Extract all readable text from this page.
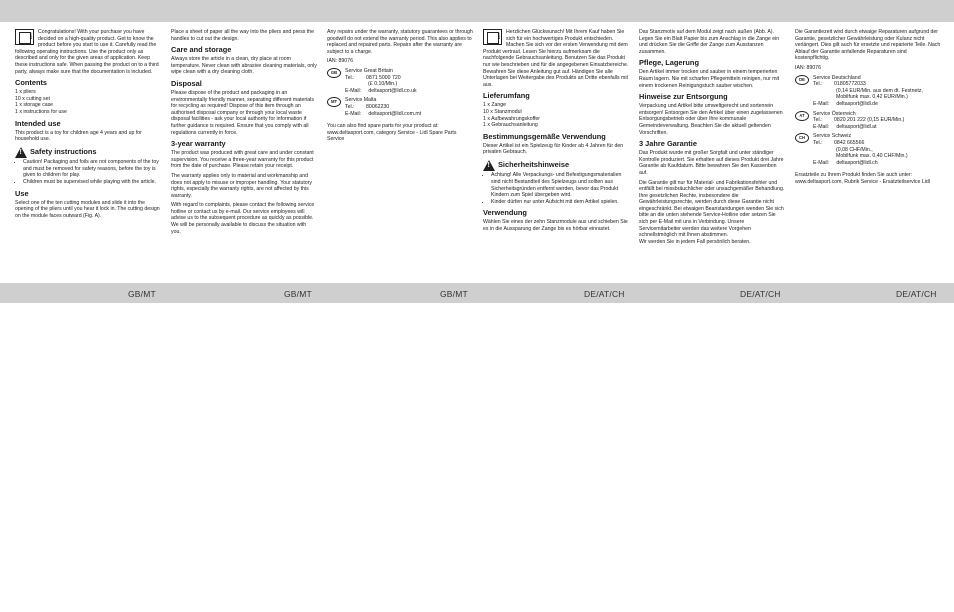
i	Congratulations! With your purchase you have decided on a high-quality product. Get to know the product before you start to use it. Carefully read the following operating instructions. Use the product only as described and only for the given areas of application. Keep these instructions safe. When passing the product on to a third party, always make sure that the documentation is included.

Contents
1 x pliers
10 x cutting set
1 x storage case
1 x instructions for use
Intended use

This product is a toy for children age 4 years and up for household use.

!
Safety instructions
• Caution! Packaging and foils are not components of the toy and must be removed for safety reasons, before the toy is given to children for play.
• Children must be supervised while playing with the article.
Use

Select one of the ten cutting modules and slide it into the opening of the pliers until you hear it lock in. The cutting design on the module faces outward (Fig. A).

Place a sheet of paper all the way into the pliers and press the handles to cut out the design.

Care and storage

Always store the article in a clean, dry place at room temperature. Never clean with abrasive cleaning materials, only wipe clean with a dry cleaning cloth.

Disposal

Please dispose of the product and packaging in an environmentally friendly manner, separating different materials for recycling as required! Dispose of this item through an authorised disposal company or through your local waste disposal facilities - ask your local authority for information if further guidance is required. Ensure that you comply with all regulations currently in force.

3-year warranty

The product was produced with great care and under constant supervision. You receive a three-year warranty for this product from the date of purchase. Please retain your receipt.

The warranty applies only to material and workmanship and does not apply to misuse or improper handling. Your statutory rights, especially the warranty rights, are not affected by this warranty.

With regard to complaints, please contact the following service hotline or contact us by e-mail. Our service employees will advise us to the subsequent procedure as quickly as possible. We will be personally available to discuss the situation with you.

Any repairs under the warranty, statutory guarantees or through goodwill do not extend the warranty period. This also applies to replaced and repaired parts. Repairs after the warranty are subject to a charge.

IAN: 89076

GB	Service Great Britain
Tel.:        0871 5000 720
(£ 0.10/Min.)
E-Mail:     deltasport@lidl.co.uk
MT	Service Malta
Tel.:        80062230
E-Mail:     deltasport@lidl.com.mt

You can also find spare parts for your product at: www.deltasport.com, category Service - Lidl Spare Parts Service

i	Herzlichen Glückwunsch! Mit Ihrem Kauf haben Sie sich für ein hochwertiges Produkt entschieden. Machen Sie sich vor der ersten Verwendung mit dem Produkt vertraut. Lesen Sie hierzu aufmerksam die nachfolgende Gebrauchsanleitung. Benutzen Sie das Produkt nur wie beschrieben und für die angegebenen Einsatzbereiche. Bewahren Sie diese Anleitung gut auf. Händigen Sie alle Unterlagen bei Weitergabe des Produkts an Dritte ebenfalls mit aus.

Lieferumfang
1 x Zange
10 x Stanzmodul
1 x Aufbewahrungskoffer
1 x Gebrauchsanleitung
Bestimmungsgemäße Verwendung

Dieser Artikel ist ein Spielzeug für Kinder ab 4 Jahren für den privaten Gebrauch.

!
Sicherheitshinweise
• Achtung! Alle Verpackungs- und Befestigungsmaterialien sind nicht Bestandteil des Spielzeugs und sollten aus Sicherheitsgründen entfernt werden, bevor das Produkt Kindern zum Spiel übergeben wird.
• Kinder dürfen nur unter Aufsicht mit dem Artikel spielen.
Verwendung

Wählen Sie eines der zehn Stanzmodule aus und schieben Sie es in die Aussparung der Zange bis es hörbar einrastet.

Das Stanzmotiv auf dem Modul zeigt nach außen (Abb. A). Legen Sie ein Blatt Papier bis zum Anschlag in die Zange ein und drücken Sie die Griffe der Zange zum Ausstanzen zusammen.

Pflege, Lagerung

Den Artikel immer trocken und sauber in einem temperierten Raum lagern. Nie mit scharfen Pflegemitteln reinigen, nur mit einem trockenen Reinigungstuch sauber wischen.

Hinweise zur Entsorgung

Verpackung und Artikel bitte umweltgerecht und sortenrein entsorgen! Entsorgen Sie den Artikel über einen zugelassenen Entsorgungsbetrieb oder über Ihre kommunale Gemeindeverwaltung. Beachten Sie die aktuell geltenden Vorschriften.

3 Jahre Garantie

Das Produkt wurde mit großer Sorgfalt und unter ständiger Kontrolle produziert. Sie erhalten auf dieses Produkt drei Jahre Garantie ab Kaufdatum. Bitte bewahren Sie den Kassenbon auf.

Die Garantie gilt nur für Material- und Fabrikationsfehler und entfällt bei missbräuchlicher oder unsachgemäßer Behandlung. Ihre gesetzlichen Rechte, insbesondere die Gewährleistungsrechte, werden durch diese Garantie nicht eingeschränkt. Bei etwaigen Beanstandungen wenden Sie sich bitte an die unten stehende Service-Hotline oder setzen Sie sich per E-Mail mit uns in Verbindung. Unsere Servicemitarbeiter werden das weitere Vorgehen schnellstmöglich mit Ihnen abstimmen.

Wir werden Sie in jedem Fall persönlich beraten.

Die Garantiezeit wird durch etwaige Reparaturen aufgrund der Garantie, gesetzlicher Gewährleistung oder Kulanz nicht verlängert. Dies gilt auch für ersetzte und reparierte Teile. Nach Ablauf der Garantie anfallende Reparaturen sind kostenpflichtig.

IAN: 89076

DE	Service Deutschland
Tel.:        01805772033
(0,14 EUR/Min. aus dem dt. Festnetz,
Mobilfunk max. 0,42 EUR/Min.)
E-Mail:     deltasport@lidl.de
AT	Service Österreich
Tel.:        0820 201 222 (0,15 EUR/Min.)
E-Mail:     deltasport@lidl.at
CH	Service Schweiz
Tel.:        0842 665566
(0,08 CHF/Min.,
Mobilfunk max. 0,40 CHF/Min.)
E-Mail:     deltasport@lidl.ch

Ersatzteile zu Ihrem Produkt finden Sie auch unter: www.deltasport.com, Rubrik Service - Ersatzteilservice Lidl

GB/MT	GB/MT	GB/MT	DE/AT/CH	DE/AT/CH	DE/AT/CH
